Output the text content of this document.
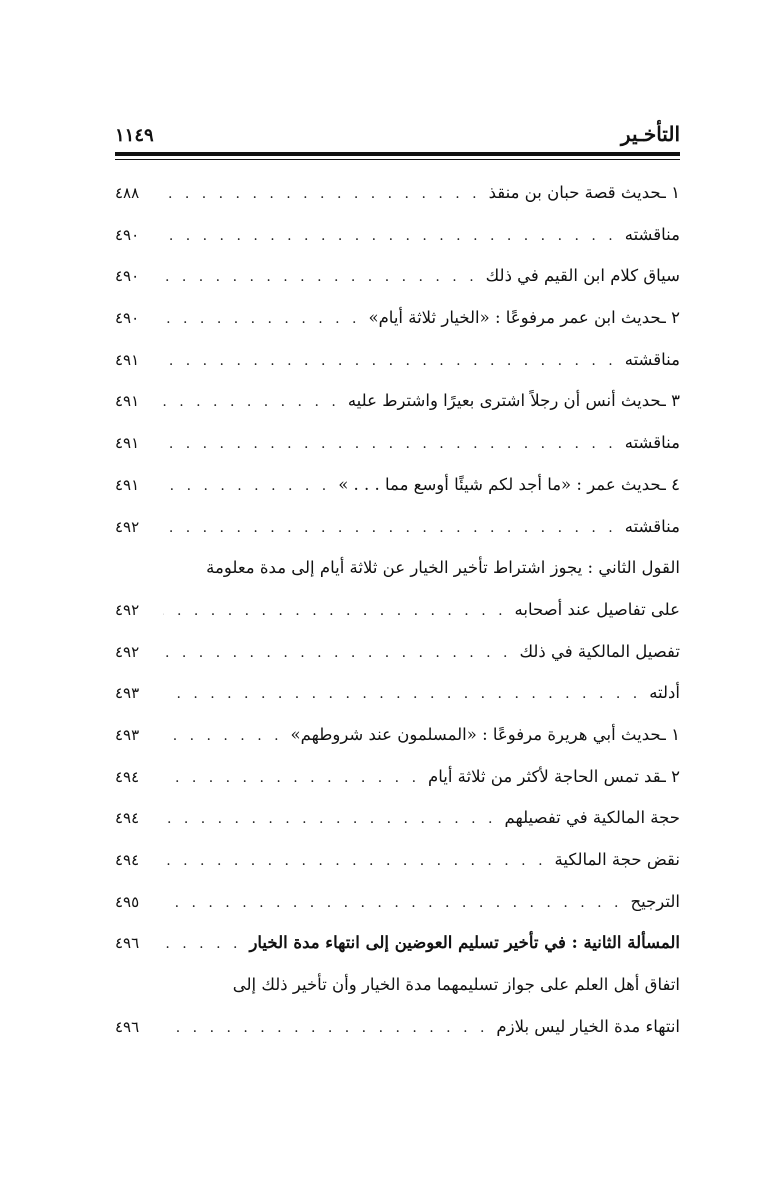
التأخـير
١١٤٩
١ ـحديث قصة حبان بن منقذ
. . .
٤٨٨
مناقشته
. . .
٤٩٠
سياق كلام ابن القيم في ذلك
. . .
٤٩٠
٢ ـحديث ابن عمر مرفوعًا : «الخيار ثلاثة أيام»
. . .
٤٩٠
مناقشته
. . .
٤٩١
٣ ـحديث أنس أن رجلاً اشترى بعيرًا واشترط عليه
. . .
٤٩١
مناقشته
. . .
٤٩١
٤ ـحديث عمر : «ما أجد لكم شيئًا أوسع مما . . . »
. . .
٤٩١
مناقشته
. . .
٤٩٢
القول الثاني : يجوز اشتراط تأخير الخيار عن ثلاثة أيام إلى مدة معلومة
على تفاصيل عند أصحابه
. . .
٤٩٢
تفصيل المالكية في ذلك
. . .
٤٩٢
أدلته
. . .
٤٩٣
١ ـحديث أبي هريرة مرفوعًا : «المسلمون عند شروطهم»
. . .
٤٩٣
٢ ـقد تمس الحاجة لأكثر من ثلاثة أيام
. . .
٤٩٤
حجة المالكية في تفصيلهم
. . .
٤٩٤
نقض حجة المالكية
. . .
٤٩٤
الترجيح
. . .
٤٩٥
المسألة الثانية : في تأخير تسليم العوضين إلى انتهاء مدة الخيار
. . .
٤٩٦
اتفاق أهل العلم على جواز تسليمهما مدة الخيار وأن تأخير ذلك إلى
انتهاء مدة الخيار ليس بلازم
. . .
٤٩٦
